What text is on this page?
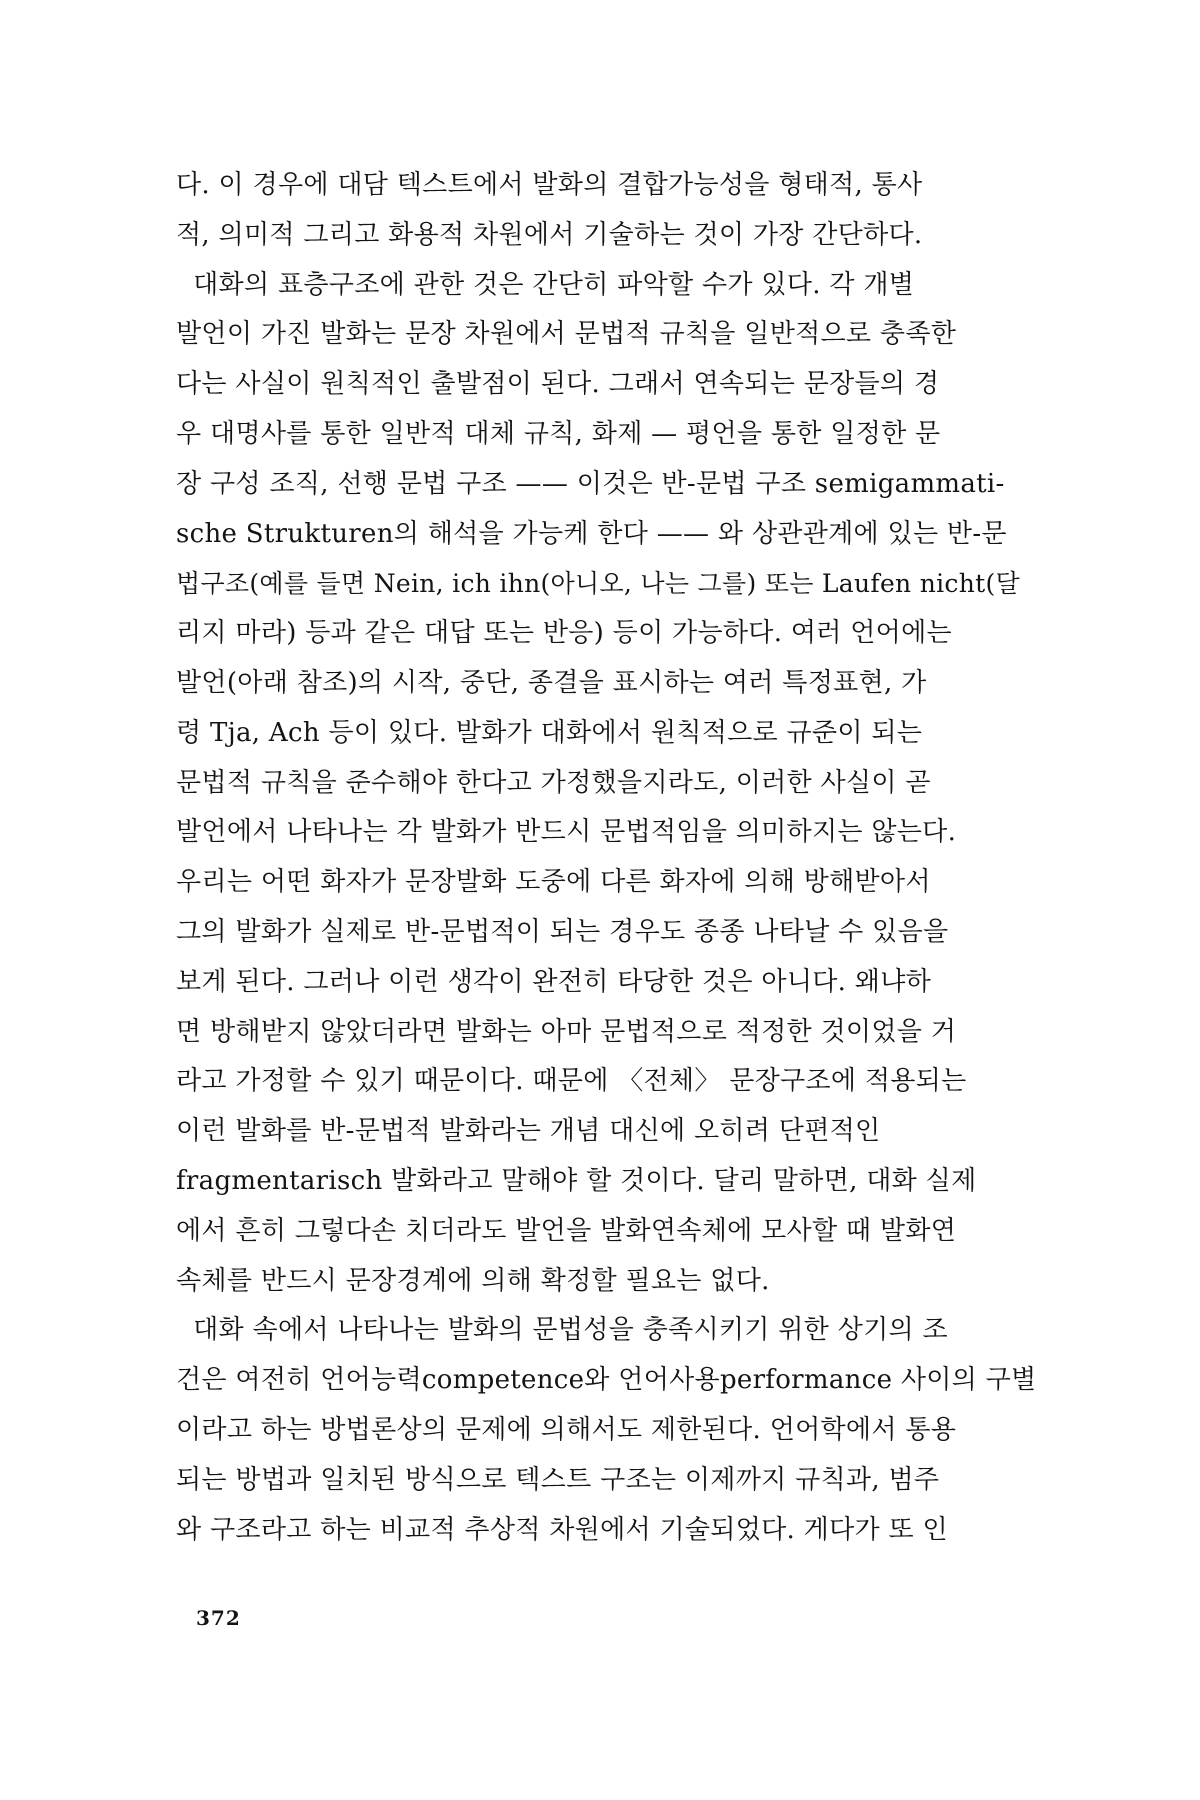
다. 이 경우에 대담 텍스트에서 발화의 결합가능성을 형태적, 통사
적, 의미적 그리고 화용적 차원에서 기술하는 것이 가장 간단하다.
대화의 표층구조에 관한 것은 간단히 파악할 수가 있다. 각 개별
발언이 가진 발화는 문장 차원에서 문법적 규칙을 일반적으로 충족한
다는 사실이 원칙적인 출발점이 된다. 그래서 연속되는 문장들의 경
우 대명사를 통한 일반적 대체 규칙, 화제 — 평언을 통한 일정한 문
장 구성 조직, 선행 문법 구조 —— 이것은 반-문법 구조 semigammati-
sche Strukturen의 해석을 가능케 한다 —— 와 상관관계에 있는 반-문
법구조(예를 들면 Nein, ich ihn(아니오, 나는 그를) 또는 Laufen nicht(달
리지 마라) 등과 같은 대답 또는 반응) 등이 가능하다. 여러 언어에는
발언(아래 참조)의 시작, 중단, 종결을 표시하는 여러 특정표현, 가
령 Tja, Ach 등이 있다. 발화가 대화에서 원칙적으로 규준이 되는
문법적 규칙을 준수해야 한다고 가정했을지라도, 이러한 사실이 곧
발언에서 나타나는 각 발화가 반드시 문법적임을 의미하지는 않는다.
우리는 어떤 화자가 문장발화 도중에 다른 화자에 의해 방해받아서
그의 발화가 실제로 반-문법적이 되는 경우도 종종 나타날 수 있음을
보게 된다. 그러나 이런 생각이 완전히 타당한 것은 아니다. 왜냐하
면 방해받지 않았더라면 발화는 아마 문법적으로 적정한 것이었을 거
라고 가정할 수 있기 때문이다. 때문에 〈전체〉 문장구조에 적용되는
이런 발화를 반-문법적 발화라는 개념 대신에 오히려 단편적인
fragmentarisch 발화라고 말해야 할 것이다. 달리 말하면, 대화 실제
에서 흔히 그렇다손 치더라도 발언을 발화연속체에 모사할 때 발화연
속체를 반드시 문장경계에 의해 확정할 필요는 없다.
대화 속에서 나타나는 발화의 문법성을 충족시키기 위한 상기의 조
건은 여전히 언어능력competence와 언어사용performance 사이의 구별
이라고 하는 방법론상의 문제에 의해서도 제한된다. 언어학에서 통용
되는 방법과 일치된 방식으로 텍스트 구조는 이제까지 규칙과, 범주
와 구조라고 하는 비교적 추상적 차원에서 기술되었다. 게다가 또 인
372
